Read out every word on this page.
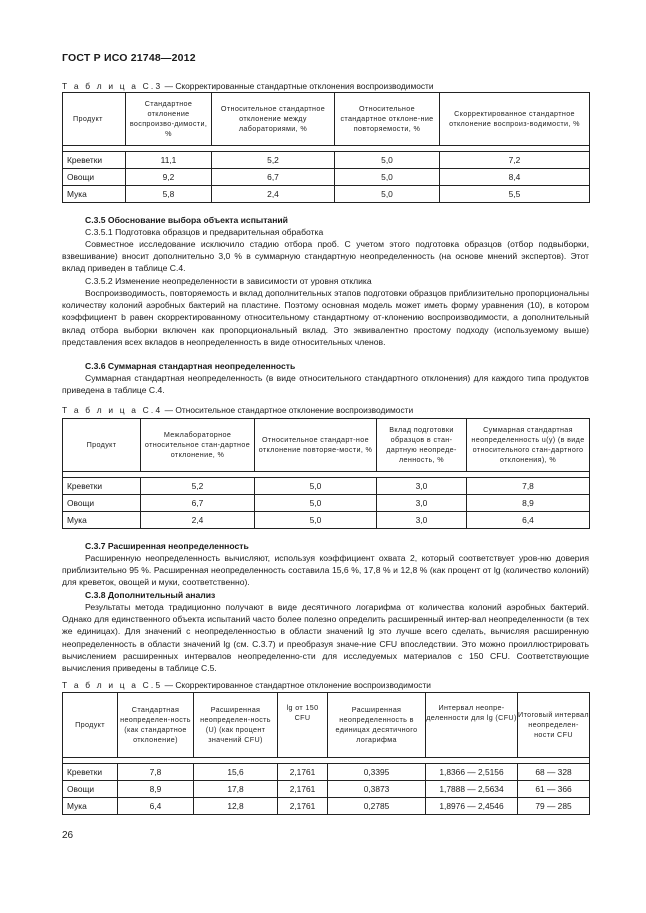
ГОСТ Р ИСО 21748—2012
Т а б л и ц а С.3 — Скорректированные стандартные отклонения воспроизводимости
Продукт	Стандартное отклонение воспроизво-димости, %	Относительное стандартное отклонение между лабораториями, %	Относительное стандартное отклоне-ние повторяемости, %	Скорректированное стандартное отклонение воспроиз-водимости, %

Креветки	11,1	5,2	5,0	7,2
Овощи	9,2	6,7	5,0	8,4
Мука	5,8	2,4	5,0	5,5
С.3.5 Обоснование выбора объекта испытаний
С.3.5.1 Подготовка образцов и предварительная обработка
Совместное исследование исключило стадию отбора проб. С учетом этого подготовка образцов (отбор подвыборки, взвешивание) вносит дополнительно 3,0 % в суммарную стандартную неопределенность (на основе мнений экспертов). Этот вклад приведен в таблице С.4.
С.3.5.2 Изменение неопределенности в зависимости от уровня отклика
Воспроизводимость, повторяемость и вклад дополнительных этапов подготовки образцов приблизительно пропорциональны количеству колоний аэробных бактерий на пластине. Поэтому основная модель может иметь форму уравнения (10), в котором коэффициент b равен скорректированному относительному стандартному от-клонению воспроизводимости, а дополнительный вклад отбора выборки включен как пропорциональный вклад. Это эквивалентно простому подходу (используемому выше) представления всех вкладов в неопределенность в виде относительных членов.
С.3.6 Суммарная стандартная неопределенность
Суммарная стандартная неопределенность (в виде относительного стандартного отклонения) для каждого типа продуктов приведена в таблице С.4.
Т а б л и ц а С.4 — Относительное стандартное отклонение воспроизводимости
Продукт	Межлабораторное относительное стан-дартное отклонение, %	Относительное стандарт-ное отклонение повторяе-мости, %	Вклад подготовки образцов в стан-дартную неопреде-ленность, %	Суммарная стандартная неопределенность u(y) (в виде относительного стан-дартного отклонения), %

Креветки	5,2	5,0	3,0	7,8
Овощи	6,7	5,0	3,0	8,9
Мука	2,4	5,0	3,0	6,4
С.3.7 Расширенная неопределенность
Расширенную неопределенность вычисляют, используя коэффициент охвата 2, который соответствует уров-ню доверия приблизительно 95 %. Расширенная неопределенность составила 15,6 %, 17,8 % и 12,8 % (как процент от lg (количество колоний) для креветок, овощей и муки, соответственно).
С.3.8 Дополнительный анализ
Результаты метода традиционно получают в виде десятичного логарифма от количества колоний аэробных бактерий. Однако для единственного объекта испытаний часто более полезно определить расширенный интер-вал неопределенности (в тех же единицах). Для значений с неопределенностью в области значений lg это лучше всего сделать, вычисляя расширенную неопределенность в области значений lg (см. С.3.7) и преобразуя значе-ние CFU впоследствии. Это можно проиллюстрировать вычислением расширенных интервалов неопределенно-сти для исследуемых материалов с 150 CFU. Соответствующие вычисления приведены в таблице С.5.
Т а б л и ц а С.5 — Скорректированное стандартное отклонение воспроизводимости
Продукт	Стандартная неопределен-ность (как стандартное отклонение)	Расширенная неопределен-ность (U) (как процент значений CFU)	lg от 150 CFU	Расширенная неопределенность в единицах десятичного логарифма	Интервал неопре-деленности для lg (CFU)	Итоговый интервал неопределен-ности CFU

Креветки	7,8	15,6	2,1761	0,3395	1,8366 — 2,5156	68 — 328
Овощи	8,9	17,8	2,1761	0,3873	1,7888 — 2,5634	61 — 366
Мука	6,4	12,8	2,1761	0,2785	1,8976 — 2,4546	79 — 285
26
